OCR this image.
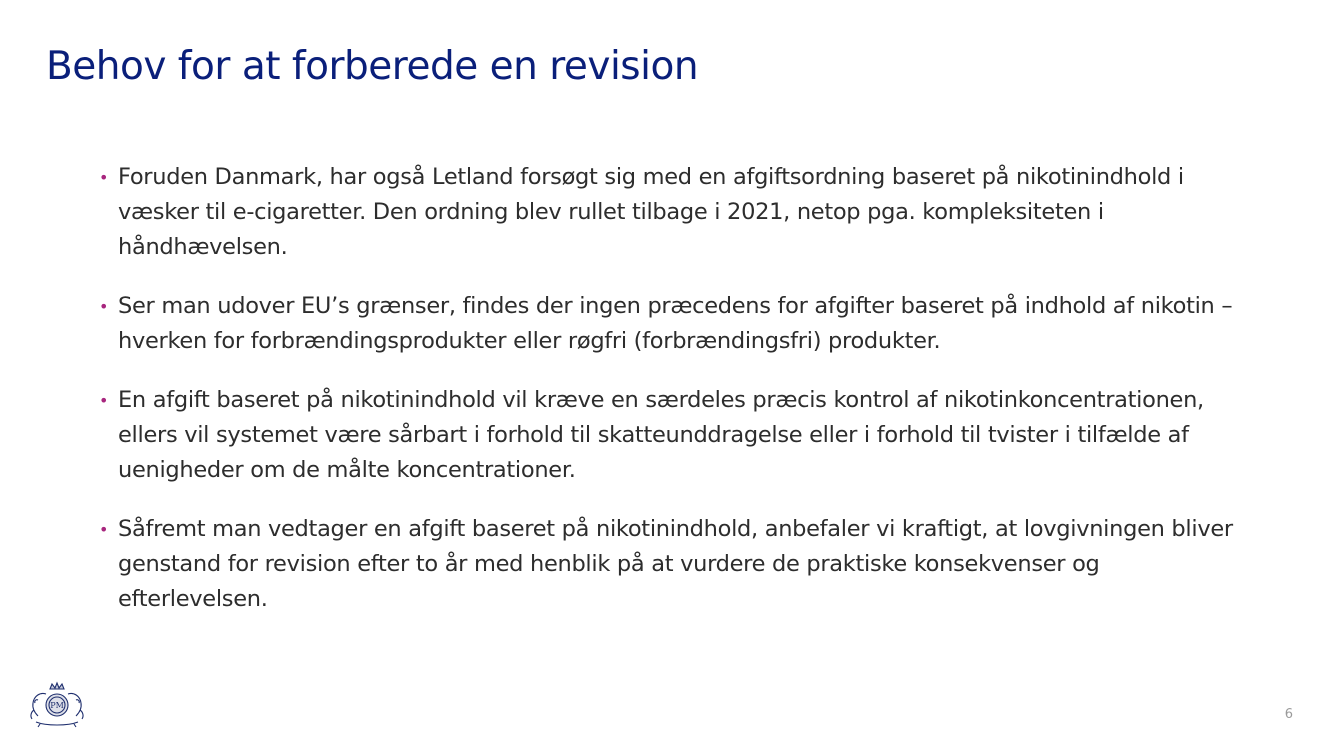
Behov for at forberede en revision
• Foruden Danmark, har også Letland forsøgt sig med en afgiftsordning baseret på nikotinindhold i væsker til e-cigaretter. Den ordning blev rullet tilbage i 2021, netop pga. kompleksiteten i håndhævelsen.
• Ser man udover EU’s grænser, findes der ingen præcedens for afgifter baseret på indhold af nikotin – hverken for forbrændingsprodukter eller røgfri (forbrændingsfri) produkter.
• En afgift baseret på nikotinindhold vil kræve en særdeles præcis kontrol af nikotinkoncentrationen, ellers vil systemet være sårbart i forhold til skatteunddragelse eller i forhold til tvister i tilfælde af uenigheder om de målte koncentrationer.
• Såfremt man vedtager en afgift baseret på nikotinindhold, anbefaler vi kraftigt, at lovgivningen bliver genstand for revision efter to år med henblik på at vurdere de praktiske konsekvenser og efterlevelsen.
PM
6
